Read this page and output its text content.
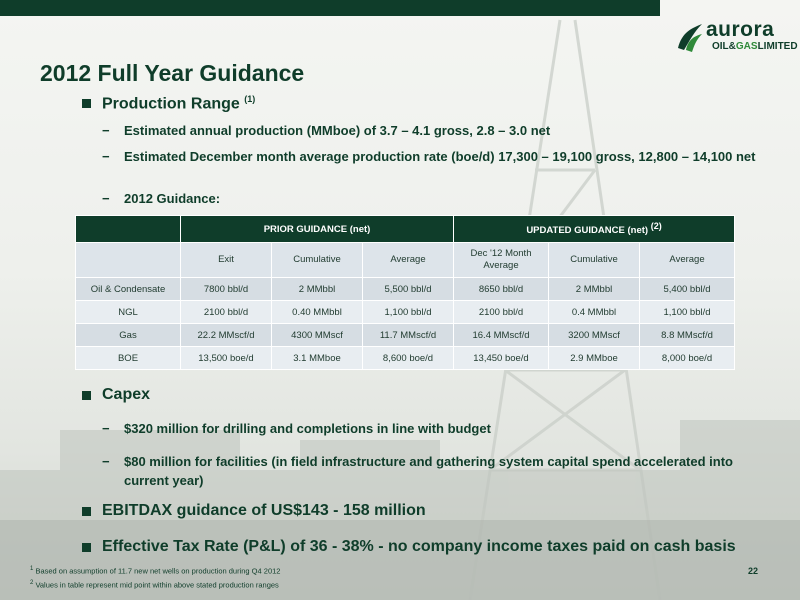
aurora
OIL&GASLIMITED
2012 Full Year Guidance
Production Range $^{(1)}$
− Estimated annual production (MMboe) of 3.7 – 4.1 gross, 2.8 – 3.0 net
− Estimated December month average production rate (boe/d) 17,300 – 19,100 gross, 12,800 – 14,100 net
− 2012 Guidance:
	PRIOR GUIDANCE (net)			UPDATED GUIDANCE (net) $^{(2)}$
	Exit	Cumulative	Average	Dec '12 Month Average	Cumulative	Average
Oil & Condensate	7800 bbl/d	2 MMbbl	5,500 bbl/d	8650 bbl/d	2 MMbbl	5,400 bbl/d
NGL	2100 bbl/d	0.40 MMbbl	1,100 bbl/d	2100 bbl/d	0.4 MMbbl	1,100 bbl/d
Gas	22.2 MMscf/d	4300 MMscf	11.7 MMscf/d	16.4 MMscf/d	3200 MMscf	8.8 MMscf/d
BOE	13,500 boe/d	3.1 MMboe	8,600 boe/d	13,450 boe/d	2.9 MMboe	8,000 boe/d
Capex
− $320 million for drilling and completions in line with budget
− $80 million for facilities (in field infrastructure and gathering system capital spend accelerated into current year)
EBITDAX guidance of US$143 - 158 million
Effective Tax Rate (P&L) of 36 - 38% - no company income taxes paid on cash basis
$^1$ Based on assumption of 11.7 new net wells on production during Q4 2012
$^2$ Values in table represent mid point within above stated production ranges
22
